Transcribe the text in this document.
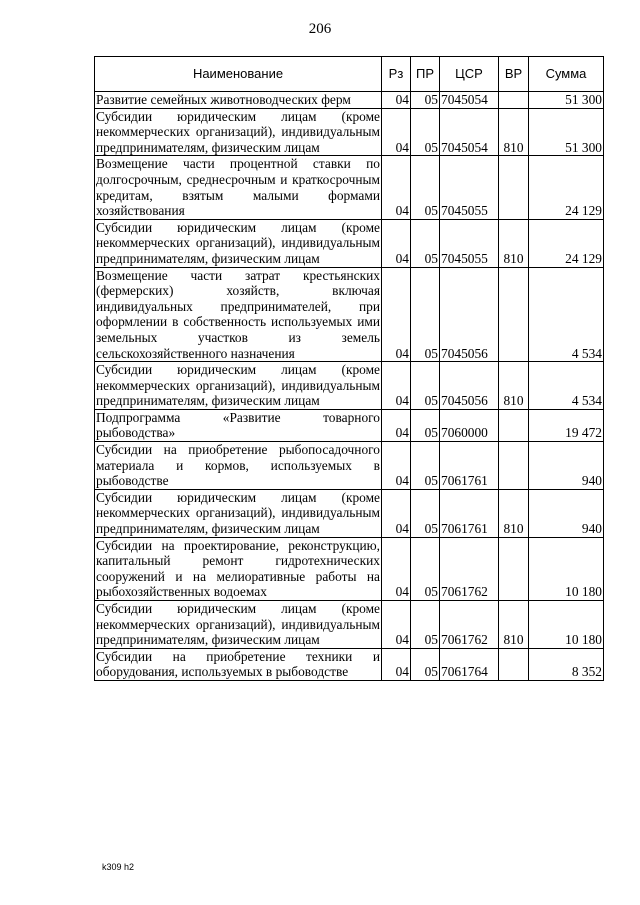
206
Наименование	Рз	ПР	ЦСР	ВР	Сумма
Развитие семейных животноводческих ферм	04	05	7045054		51 300
Субсидии юридическим лицам (кроме некоммерческих организаций), индивидуальным предпринимателям, физическим лицам	04	05	7045054	810	51 300
Возмещение части процентной ставки по долгосрочным, среднесрочным и краткосрочным кредитам, взятым малыми формами хозяйствования	04	05	7045055		24 129
Субсидии юридическим лицам (кроме некоммерческих организаций), индивидуальным предпринимателям, физическим лицам	04	05	7045055	810	24 129
Возмещение части затрат крестьянских (фермерских) хозяйств, включая индивидуальных предпринимателей, при оформлении в собственность используемых ими земельных участков из земель сельскохозяйственного назначения	04	05	7045056		4 534
Субсидии юридическим лицам (кроме некоммерческих организаций), индивидуальным предпринимателям, физическим лицам	04	05	7045056	810	4 534
Подпрограмма «Развитие товарного рыбоводства»	04	05	7060000		19 472
Субсидии на приобретение рыбопосадочного материала и кормов, используемых в рыбоводстве	04	05	7061761		940
Субсидии юридическим лицам (кроме некоммерческих организаций), индивидуальным предпринимателям, физическим лицам	04	05	7061761	810	940
Субсидии на проектирование, реконструкцию, капитальный ремонт гидротехнических сооружений и на мелиоративные работы на рыбохозяйственных водоемах	04	05	7061762		10 180
Субсидии юридическим лицам (кроме некоммерческих организаций), индивидуальным предпринимателям, физическим лицам	04	05	7061762	810	10 180
Субсидии на приобретение техники и оборудования, используемых в рыбоводстве	04	05	7061764		8 352
k309 h2
